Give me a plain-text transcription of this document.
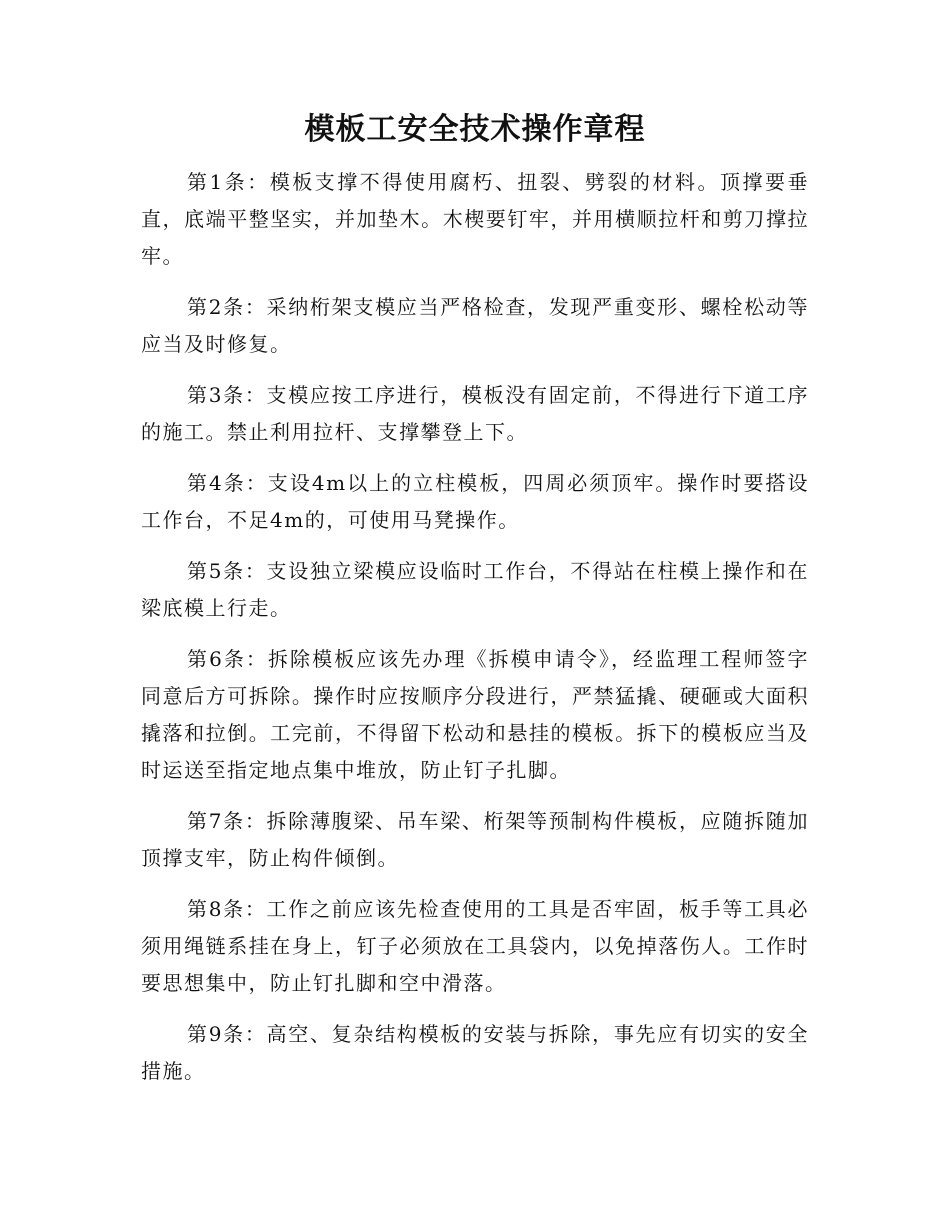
模板工安全技术操作章程

第1条：模板支撑不得使用腐朽、扭裂、劈裂的材料。顶撑要垂直，底端平整坚实，并加垫木。木楔要钉牢，并用横顺拉杆和剪刀撑拉牢。

第2条：采纳桁架支模应当严格检查，发现严重变形、螺栓松动等应当及时修复。

第3条：支模应按工序进行，模板没有固定前，不得进行下道工序的施工。禁止利用拉杆、支撑攀登上下。

第4条：支设4m以上的立柱模板，四周必须顶牢。操作时要搭设工作台，不足4m的，可使用马凳操作。

第5条：支设独立梁模应设临时工作台，不得站在柱模上操作和在梁底模上行走。

第6条：拆除模板应该先办理《拆模申请令》，经监理工程师签字同意后方可拆除。操作时应按顺序分段进行，严禁猛撬、硬砸或大面积撬落和拉倒。工完前，不得留下松动和悬挂的模板。拆下的模板应当及时运送至指定地点集中堆放，防止钉子扎脚。

第7条：拆除薄腹梁、吊车梁、桁架等预制构件模板，应随拆随加顶撑支牢，防止构件倾倒。

第8条：工作之前应该先检查使用的工具是否牢固，板手等工具必须用绳链系挂在身上，钉子必须放在工具袋内，以免掉落伤人。工作时要思想集中，防止钉扎脚和空中滑落。

第9条：高空、复杂结构模板的安装与拆除，事先应有切实的安全措施。
